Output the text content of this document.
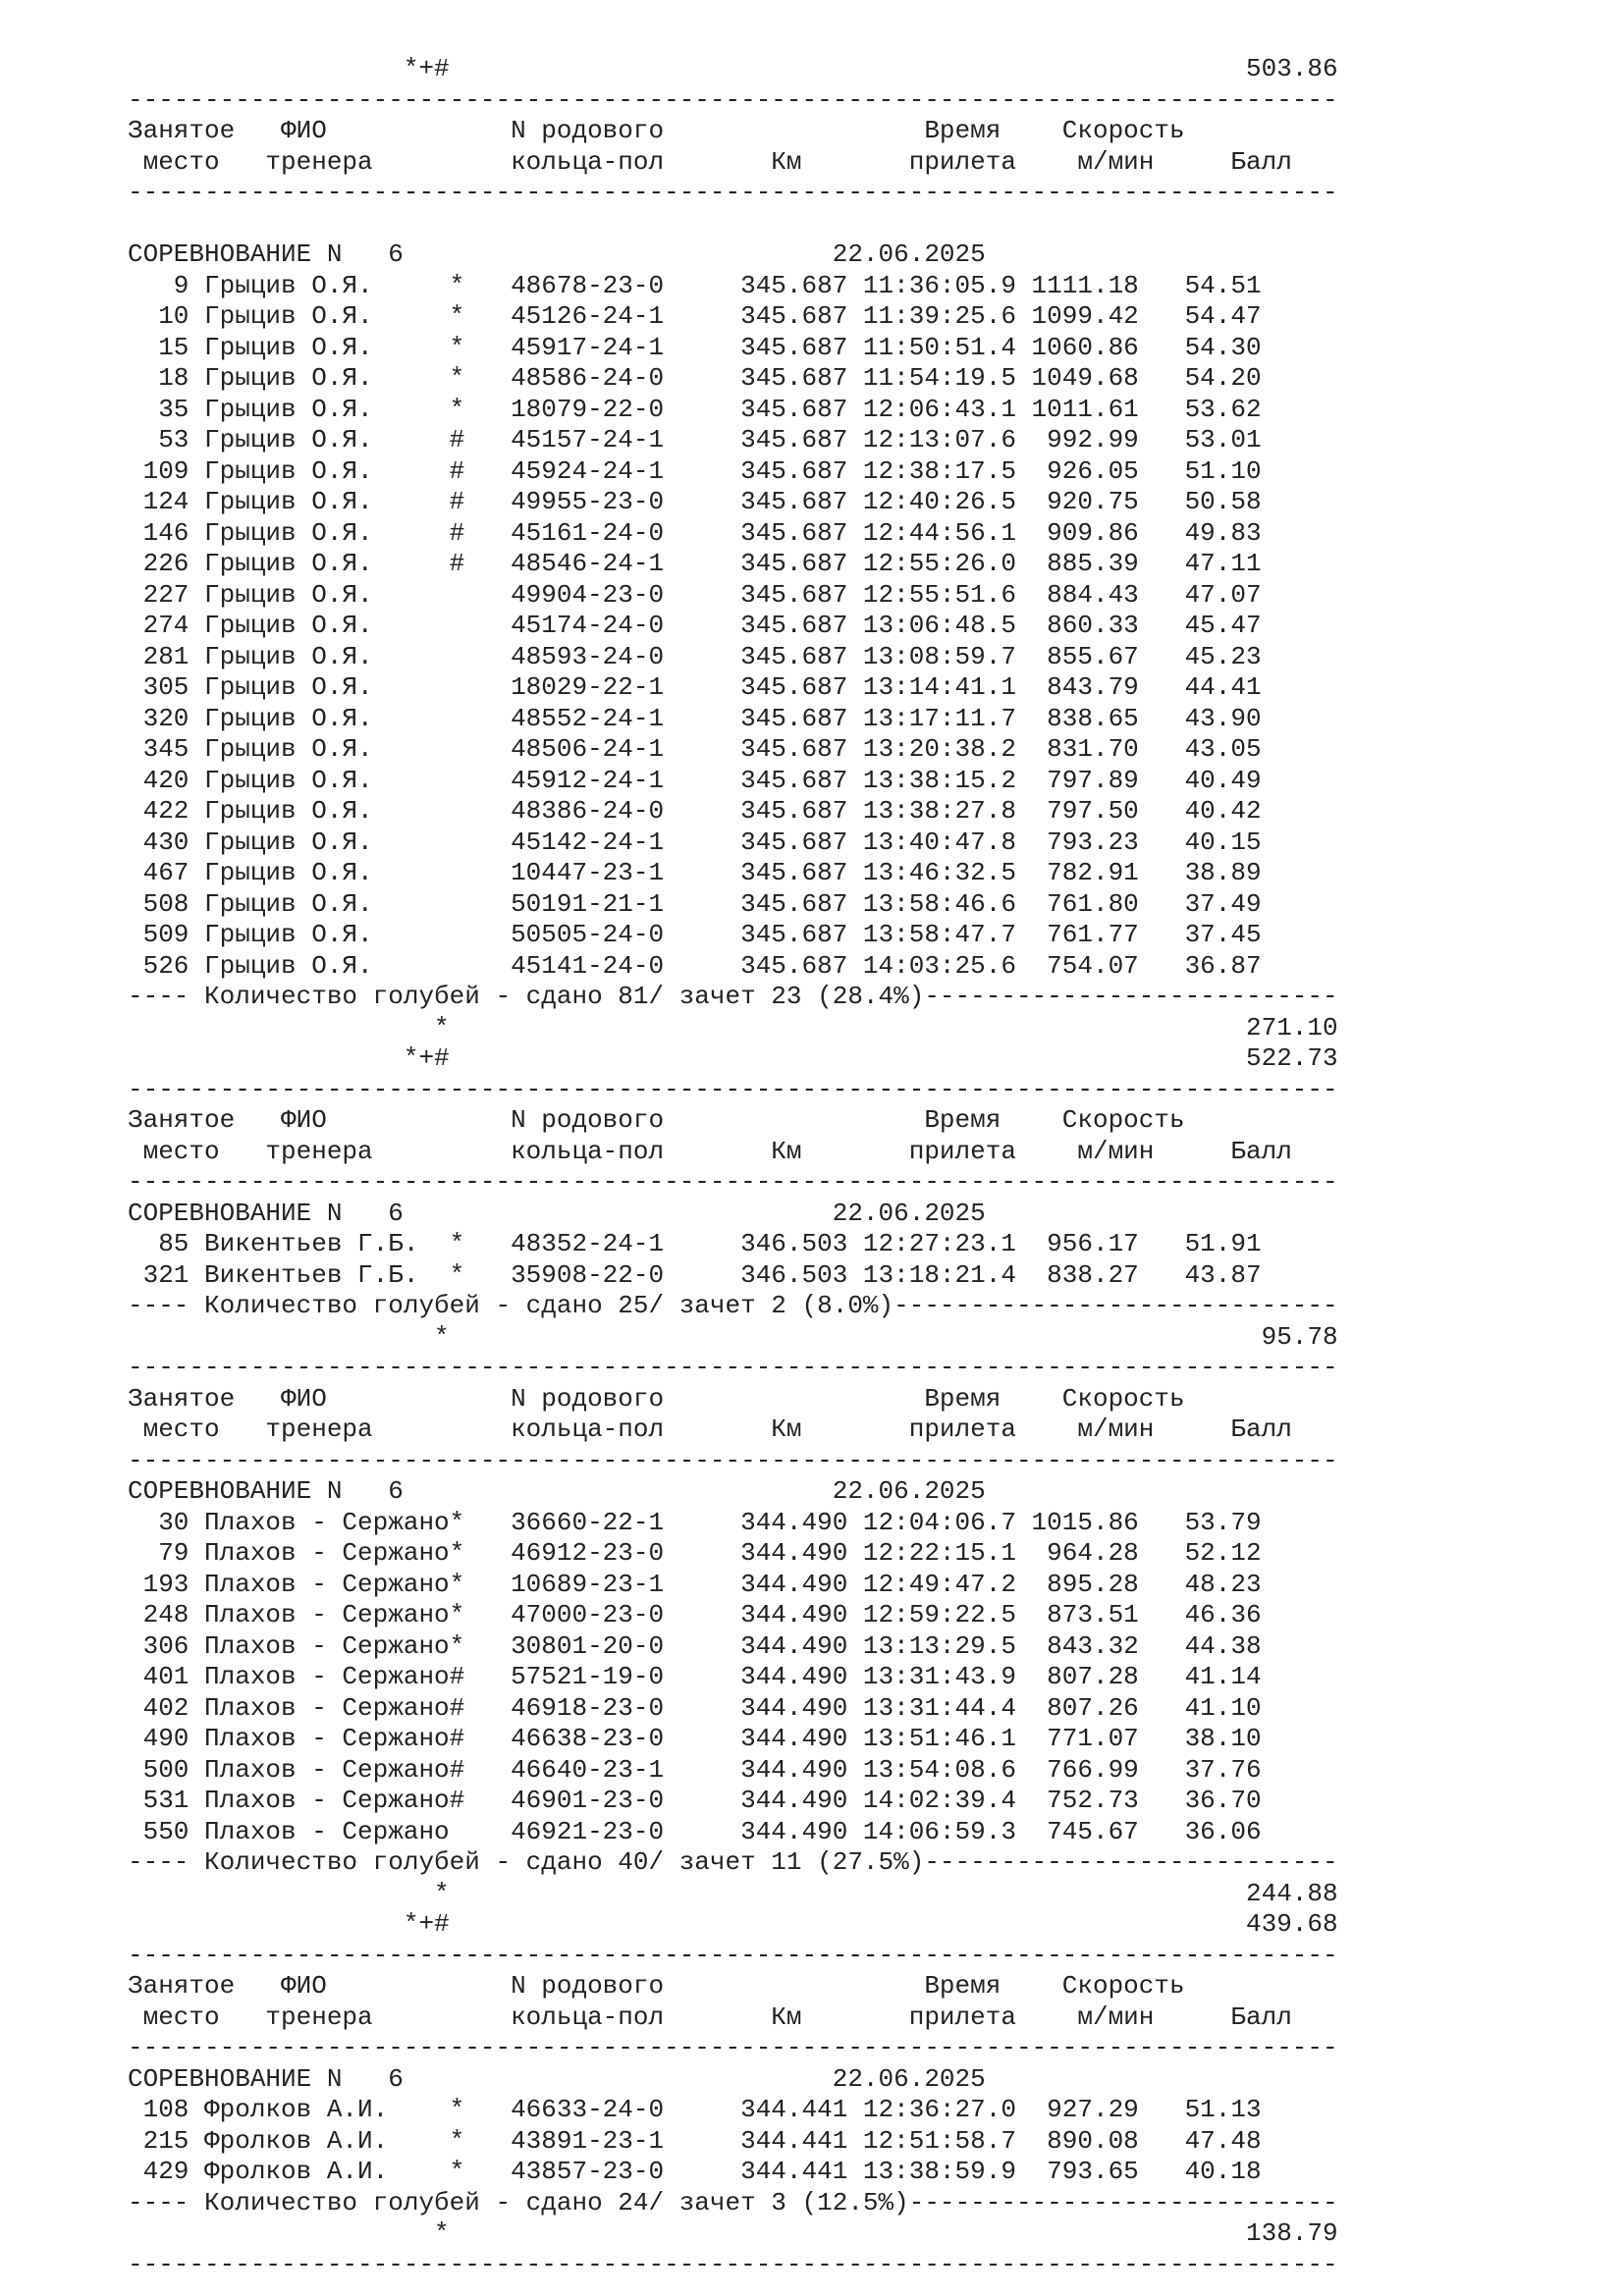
*+#                                                    503.86
-------------------------------------------------------------------------------
Занятое   ФИО            N родового                 Время    Скорость
место   тренера         кольца-пол       Км       прилета    м/мин     Балл
-------------------------------------------------------------------------------
СОРЕВНОВАНИЕ N   6                            22.06.2025
9 Грыцив О.Я.     *   48678-23-0     345.687 11:36:05.9 1111.18   54.51
10 Грыцив О.Я.     *   45126-24-1     345.687 11:39:25.6 1099.42   54.47
15 Грыцив О.Я.     *   45917-24-1     345.687 11:50:51.4 1060.86   54.30
18 Грыцив О.Я.     *   48586-24-0     345.687 11:54:19.5 1049.68   54.20
35 Грыцив О.Я.     *   18079-22-0     345.687 12:06:43.1 1011.61   53.62
53 Грыцив О.Я.     #   45157-24-1     345.687 12:13:07.6  992.99   53.01
109 Грыцив О.Я.     #   45924-24-1     345.687 12:38:17.5  926.05   51.10
124 Грыцив О.Я.     #   49955-23-0     345.687 12:40:26.5  920.75   50.58
146 Грыцив О.Я.     #   45161-24-0     345.687 12:44:56.1  909.86   49.83
226 Грыцив О.Я.     #   48546-24-1     345.687 12:55:26.0  885.39   47.11
227 Грыцив О.Я.         49904-23-0     345.687 12:55:51.6  884.43   47.07
274 Грыцив О.Я.         45174-24-0     345.687 13:06:48.5  860.33   45.47
281 Грыцив О.Я.         48593-24-0     345.687 13:08:59.7  855.67   45.23
305 Грыцив О.Я.         18029-22-1     345.687 13:14:41.1  843.79   44.41
320 Грыцив О.Я.         48552-24-1     345.687 13:17:11.7  838.65   43.90
345 Грыцив О.Я.         48506-24-1     345.687 13:20:38.2  831.70   43.05
420 Грыцив О.Я.         45912-24-1     345.687 13:38:15.2  797.89   40.49
422 Грыцив О.Я.         48386-24-0     345.687 13:38:27.8  797.50   40.42
430 Грыцив О.Я.         45142-24-1     345.687 13:40:47.8  793.23   40.15
467 Грыцив О.Я.         10447-23-1     345.687 13:46:32.5  782.91   38.89
508 Грыцив О.Я.         50191-21-1     345.687 13:58:46.6  761.80   37.49
509 Грыцив О.Я.         50505-24-0     345.687 13:58:47.7  761.77   37.45
526 Грыцив О.Я.         45141-24-0     345.687 14:03:25.6  754.07   36.87
---- Количество голубей - сдано 81/ зачет 23 (28.4%)---------------------------
*                                                    271.10
*+#                                                    522.73
-------------------------------------------------------------------------------
Занятое   ФИО            N родового                 Время    Скорость
место   тренера         кольца-пол       Км       прилета    м/мин     Балл
-------------------------------------------------------------------------------
СОРЕВНОВАНИЕ N   6                            22.06.2025
85 Викентьев Г.Б.  *   48352-24-1     346.503 12:27:23.1  956.17   51.91
321 Викентьев Г.Б.  *   35908-22-0     346.503 13:18:21.4  838.27   43.87
---- Количество голубей - сдано 25/ зачет 2 (8.0%)-----------------------------
*                                                     95.78
-------------------------------------------------------------------------------
Занятое   ФИО            N родового                 Время    Скорость
место   тренера         кольца-пол       Км       прилета    м/мин     Балл
-------------------------------------------------------------------------------
СОРЕВНОВАНИЕ N   6                            22.06.2025
30 Плахов - Сержано*   36660-22-1     344.490 12:04:06.7 1015.86   53.79
79 Плахов - Сержано*   46912-23-0     344.490 12:22:15.1  964.28   52.12
193 Плахов - Сержано*   10689-23-1     344.490 12:49:47.2  895.28   48.23
248 Плахов - Сержано*   47000-23-0     344.490 12:59:22.5  873.51   46.36
306 Плахов - Сержано*   30801-20-0     344.490 13:13:29.5  843.32   44.38
401 Плахов - Сержано#   57521-19-0     344.490 13:31:43.9  807.28   41.14
402 Плахов - Сержано#   46918-23-0     344.490 13:31:44.4  807.26   41.10
490 Плахов - Сержано#   46638-23-0     344.490 13:51:46.1  771.07   38.10
500 Плахов - Сержано#   46640-23-1     344.490 13:54:08.6  766.99   37.76
531 Плахов - Сержано#   46901-23-0     344.490 14:02:39.4  752.73   36.70
550 Плахов - Сержано    46921-23-0     344.490 14:06:59.3  745.67   36.06
---- Количество голубей - сдано 40/ зачет 11 (27.5%)---------------------------
*                                                    244.88
*+#                                                    439.68
-------------------------------------------------------------------------------
Занятое   ФИО            N родового                 Время    Скорость
место   тренера         кольца-пол       Км       прилета    м/мин     Балл
-------------------------------------------------------------------------------
СОРЕВНОВАНИЕ N   6                            22.06.2025
108 Фролков А.И.    *   46633-24-0     344.441 12:36:27.0  927.29   51.13
215 Фролков А.И.    *   43891-23-1     344.441 12:51:58.7  890.08   47.48
429 Фролков А.И.    *   43857-23-0     344.441 13:38:59.9  793.65   40.18
---- Количество голубей - сдано 24/ зачет 3 (12.5%)----------------------------
*                                                    138.79
-------------------------------------------------------------------------------
